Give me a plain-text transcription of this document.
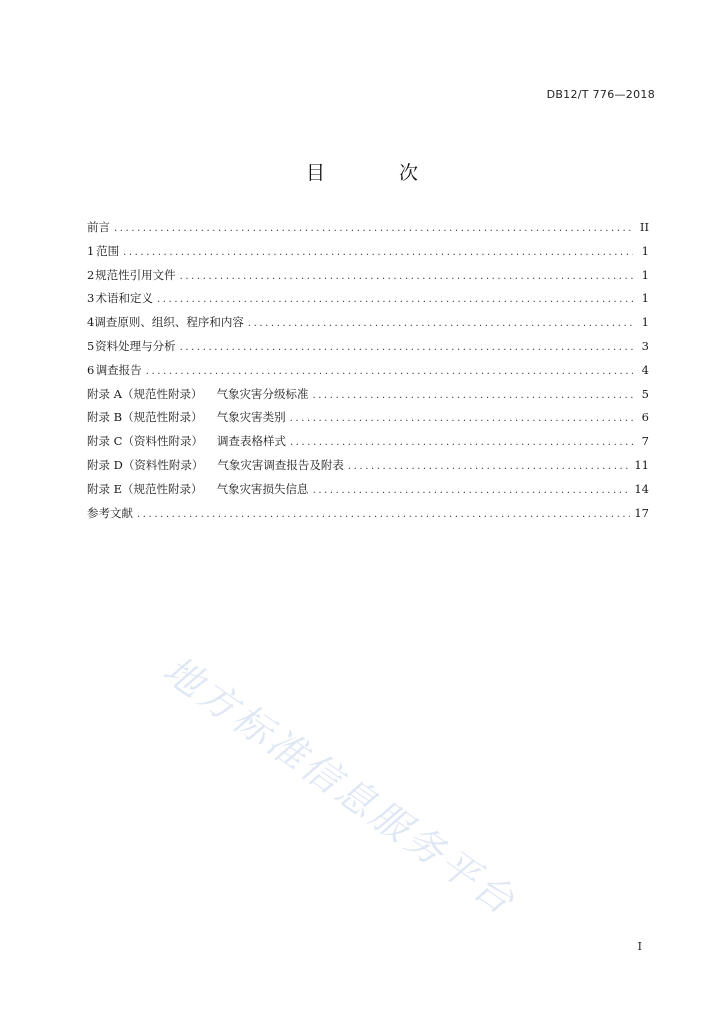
DB12/T 776—2018
目 次
前言 .....	II
1 范围 .....	1
2 规范性引用文件 .....	1
3 术语和定义 .....	1
4 调查原则、组织、程序和内容 .....	1
5 资料处理与分析 .....	3
6 调查报告 .....	4
附录 A（规范性附录） 气象灾害分级标准 .....	5
附录 B（规范性附录） 气象灾害类别 .....	6
附录 C（资料性附录） 调查表格样式 .....	7
附录 D（资料性附录） 气象灾害调查报告及附表 .....	11
附录 E（规范性附录） 气象灾害损失信息 .....	14
参考文献 .....	17
地方标准信息服务平台
I
